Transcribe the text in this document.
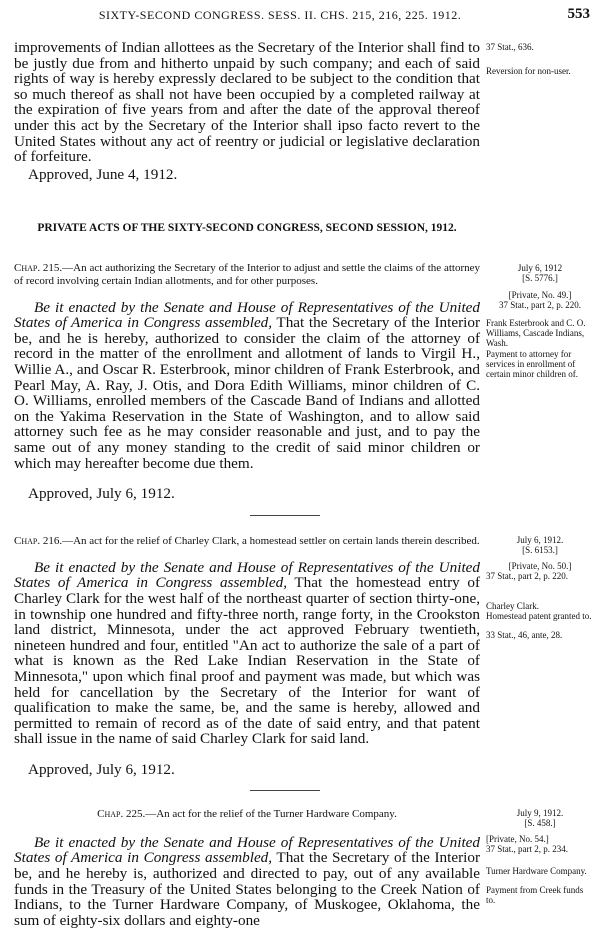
SIXTY-SECOND CONGRESS. SESS. II. CHS. 215, 216, 225. 1912.	553

improvements of Indian allottees as the Secretary of the Interior shall find to be justly due from and hitherto unpaid by such company; and each of said rights of way is hereby expressly declared to be subject to the condition that so much thereof as shall not have been occupied by a completed railway at the expiration of five years from and after the date of the approval thereof under this act by the Secretary of the Interior shall ipso facto revert to the United States without any act of reentry or judicial or legislative declaration of forfeiture.

Approved, June 4, 1912.
37 Stat., 636.
Reversion for non-user.
PRIVATE ACTS OF THE SIXTY-SECOND CONGRESS, SECOND SESSION, 1912.
Chap. 215.—An act authorizing the Secretary of the Interior to adjust and settle the claims of the attorney of record involving certain Indian allotments, and for other purposes.

Be it enacted by the Senate and House of Representatives of the United States of America in Congress assembled, That the Secretary of the Interior be, and he is hereby, authorized to consider the claim of the attorney of record in the matter of the enrollment and allotment of lands to Virgil H., Willie A., and Oscar R. Esterbrook, minor children of Frank Esterbrook, and Pearl May, A. Ray, J. Otis, and Dora Edith Williams, minor children of C. O. Williams, enrolled members of the Cascade Band of Indians and allotted on the Yakima Reservation in the State of Washington, and to allow said attorney such fee as he may consider reasonable and just, and to pay the same out of any money standing to the credit of said minor children or which may hereafter become due them.

Approved, July 6, 1912.
July 6, 1912
[S. 5776.]
[Private, No. 49.]
37 Stat., part 2, p. 220.
Frank Esterbrook and C. O. Williams, Cascade Indians, Wash.
Payment to attorney for services in enrollment of certain minor children of.
Chap. 216.—An act for the relief of Charley Clark, a homestead settler on certain lands therein described.

Be it enacted by the Senate and House of Representatives of the United States of America in Congress assembled, That the homestead entry of Charley Clark for the west half of the northeast quarter of section thirty-one, in township one hundred and fifty-three north, range forty, in the Crookston land district, Minnesota, under the act approved February twentieth, nineteen hundred and four, entitled "An act to authorize the sale of a part of what is known as the Red Lake Indian Reservation in the State of Minnesota," upon which final proof and payment was made, but which was held for cancellation by the Secretary of the Interior for want of qualification to make the same, be, and the same is hereby, allowed and permitted to remain of record as of the date of said entry, and that patent shall issue in the name of said Charley Clark for said land.

Approved, July 6, 1912.
July 6, 1912.
[S. 6153.]
[Private, No. 50.]
37 Stat., part 2, p. 220.
Charley Clark.
Homestead patent granted to.
33 Stat., 46, ante, 28.
Chap. 225.—An act for the relief of the Turner Hardware Company.

Be it enacted by the Senate and House of Representatives of the United States of America in Congress assembled, That the Secretary of the Interior be, and he hereby is, authorized and directed to pay, out of any available funds in the Treasury of the United States belonging to the Creek Nation of Indians, to the Turner Hardware Company, of Muskogee, Oklahoma, the sum of eighty-six dollars and eighty-one

July 9, 1912.
[S. 458.]
[Private, No. 54.]
37 Stat., part 2, p. 234.
Turner Hardware Company.
Payment from Creek funds to.
